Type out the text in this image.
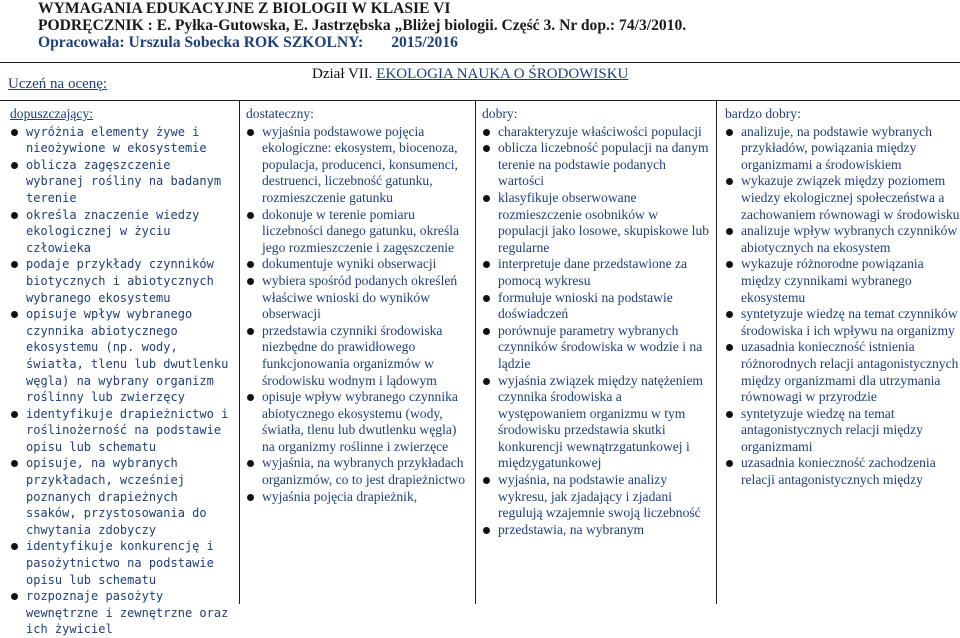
WYMAGANIA EDUKACYJNE Z BIOLOGII W KLASIE VI
PODRĘCZNIK : E. Pyłka-Gutowska, E. Jastrzębska „Bliżej biologii. Część 3. Nr dop.: 74/3/2010.
Opracowała: Urszula Sobecka ROK SZKOLNY: 2015/2016
Dział VII. EKOLOGIA NAUKA O ŚRODOWISKU
Uczeń na ocenę:
dopuszczający:
wyróżnia elementy żywe i nieożywione w ekosystemie
oblicza zagęszczenie wybranej rośliny na badanym terenie
określa znaczenie wiedzy ekologicznej w życiu człowieka
podaje przykłady czynników biotycznych i abiotycznych wybranego ekosystemu
opisuje wpływ wybranego czynnika abiotycznego ekosystemu (np. wody, światła, tlenu lub dwutlenku węgla) na wybrany organizm roślinny lub zwierzęcy
identyfikuje drapieżnictwo i roślinożerność na podstawie opisu lub schematu
opisuje, na wybranych przykładach, wcześniej poznanych drapieżnych ssaków, przystosowania do chwytania zdobyczy
identyfikuje konkurencję i pasożytnictwo na podstawie opisu lub schematu
rozpoznaje pasożyty wewnętrzne i zewnętrzne oraz ich żywiciel
dostateczny:
wyjaśnia podstawowe pojęcia ekologiczne: ekosystem, biocenoza, populacja, producenci, konsumenci, destruenci, liczebność gatunku, rozmieszczenie gatunku
dokonuje w terenie pomiaru liczebności danego gatunku, określa jego rozmieszczenie i zagęszczenie
dokumentuje wyniki obserwacji
wybiera spośród podanych określeń właściwe wnioski do wyników obserwacji
przedstawia czynniki środowiska niezbędne do prawidłowego funkcjonowania organizmów w środowisku wodnym i lądowym
opisuje wpływ wybranego czynnika abiotycznego ekosystemu (wody, światła, tlenu lub dwutlenku węgla) na organizmy roślinne i zwierzęce
wyjaśnia, na wybranych przykładach organizmów, co to jest drapieżnictwo
wyjaśnia pojęcia drapieżnik,
dobry:
charakteryzuje właściwości populacji
oblicza liczebność populacji na danym terenie na podstawie podanych wartości
klasyfikuje obserwowane rozmieszczenie osobników w populacji jako losowe, skupiskowe lub regularne
interpretuje dane przedstawione za pomocą wykresu
formułuje wnioski na podstawie doświadczeń
porównuje parametry wybranych czynników środowiska w wodzie i na lądzie
wyjaśnia związek między natężeniem czynnika środowiska a występowaniem organizmu w tym środowisku przedstawia skutki konkurencji wewnątrzgatunkowej i międzygatunkowej
wyjaśnia, na podstawie analizy wykresu, jak zjadający i zjadani regulują wzajemnie swoją liczebność
przedstawia, na wybranym
bardzo dobry:
analizuje, na podstawie wybranych przykładów, powiązania między organizmami a środowiskiem
wykazuje związek między poziomem wiedzy ekologicznej społeczeństwa a zachowaniem równowagi w środowisku
analizuje wpływ wybranych czynników abiotycznych na ekosystem
wykazuje różnorodne powiązania między czynnikami wybranego ekosystemu
syntetyzuje wiedzę na temat czynników środowiska i ich wpływu na organizmy
uzasadnia konieczność istnienia różnorodnych relacji antagonistycznych między organizmami dla utrzymania równowagi w przyrodzie
syntetyzuje wiedzę na temat antagonistycznych relacji między organizmami
uzasadnia konieczność zachodzenia relacji antagonistycznych między
